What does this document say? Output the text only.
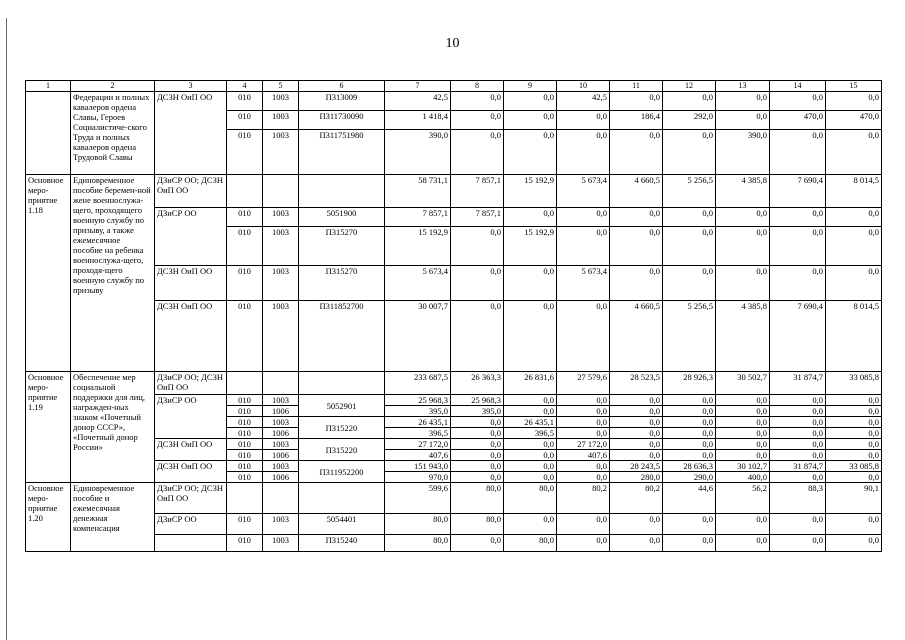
10
1	2	3	4	5	6	7	8	9	10	11	12	13	14	15
	Федерации и полных кавалеров ордена Славы, Героев Социалистиче-ского Труда и полных кавалеров ордена Трудовой Славы	ДСЗН ОиП ОО	010	1003	П313009	42,5	0,0	0,0	42,5	0,0	0,0	0,0	0,0	0,0
			010	1003	П311730090	1 418,4	0,0	0,0	0,0	186,4	292,0	0,0	470,0	470,0
			010	1003	П311751980	390,0	0,0	0,0	0,0	0,0	0,0	390,0	0,0	0,0
Основное меро-приятие 1.18	Единовременное пособие беремен-ной жене военнослужа-щего, проходящего военную службу по призыву, а также ежемесячное пособие на ребенка военнослужа-щего, проходя-щего военную службу по призыву	ДЗиСР ОО; ДСЗН ОиП ОО				58 731,1	7 857,1	15 192,9	5 673,4	4 660,5	5 256,5	4 385,8	7 690,4	8 014,5
		ДЗиСР ОО	010	1003	5051900	7 857,1	7 857,1	0,0	0,0	0,0	0,0	0,0	0,0	0,0
			010	1003	П315270	15 192,9	0,0	15 192,9	0,0	0,0	0,0	0,0	0,0	0,0
		ДСЗН ОиП ОО	010	1003	П315270	5 673,4	0,0	0,0	5 673,4	0,0	0,0	0,0	0,0	0,0
		ДСЗН ОиП ОО	010	1003	П311852700	30 007,7	0,0	0,0	0,0	4 660,5	5 256,5	4 385,8	7 690,4	8 014,5
Основное меро-приятие 1.19	Обеспечение мер социальной поддержки для лиц, награжден-ных знаком «Почетный донор СССР», «Почетный донор России»	ДЗиСР ОО; ДСЗН ОиП ОО				233 687,5	26 363,3	26 831,6	27 579,6	28 523,5	28 926,3	30 502,7	31 874,7	33 085,8
		ДЗиСР ОО	010	1003	5052901	25 968,3	25 968,3	0,0	0,0	0,0	0,0	0,0	0,0	0,0
			010	1006		395,0	395,0	0,0	0,0	0,0	0,0	0,0	0,0	0,0
			010	1003	П315220	26 435,1	0,0	26 435,1	0,0	0,0	0,0	0,0	0,0	0,0
			010	1006		396,5	0,0	396,5	0,0	0,0	0,0	0,0	0,0	0,0
		ДСЗН ОиП ОО	010	1003	П315220	27 172,0	0,0	0,0	27 172,0	0,0	0,0	0,0	0,0	0,0
			010	1006		407,6	0,0	0,0	407,6	0,0	0,0	0,0	0,0	0,0
		ДСЗН ОиП ОО	010	1003	П311952200	151 943,0	0,0	0,0	0,0	28 243,5	28 636,3	30 102,7	31 874,7	33 085,8
			010	1006		970,0	0,0	0,0	0,0	280,0	290,0	400,0	0,0	0,0
Основное меро-приятие 1.20	Единовременное пособие и ежемесячная денежная компенсация	ДЗиСР ОО; ДСЗН ОиП ОО				599,6	80,0	80,0	80,2	80,2	44,6	56,2	88,3	90,1
		ДЗиСР ОО	010	1003	5054401	80,0	80,0	0,0	0,0	0,0	0,0	0,0	0,0	0,0
			010	1003	П315240	80,0	0,0	80,0	0,0	0,0	0,0	0,0	0,0	0,0
